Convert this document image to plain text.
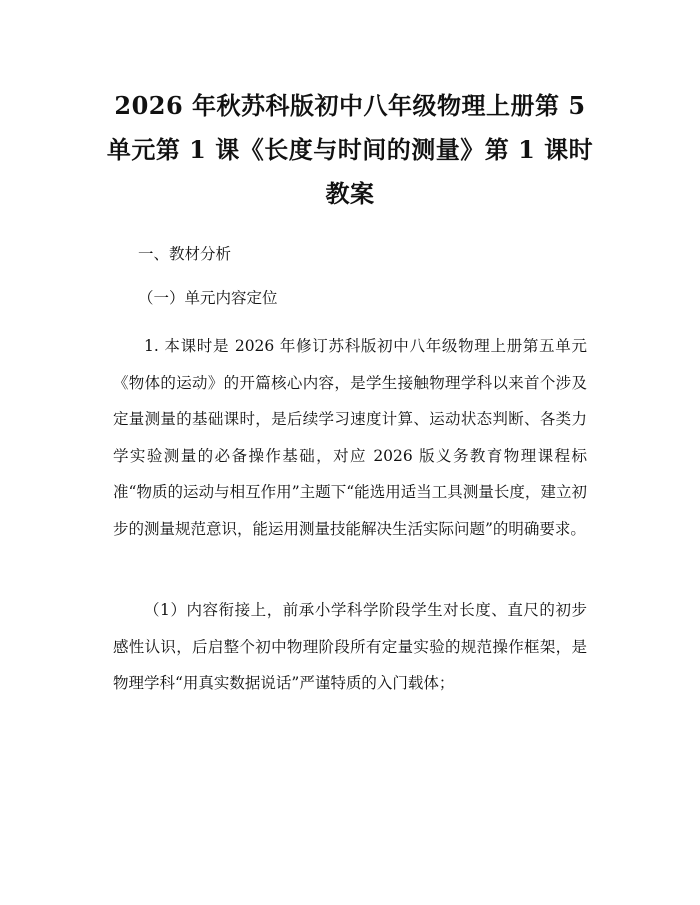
2026 年秋苏科版初中八年级物理上册第 5 单元第 1 课《长度与时间的测量》第 1 课时教案

一、教材分析

（一）单元内容定位

1. 本课时是 2026 年修订苏科版初中八年级物理上册第五单元《物体的运动》的开篇核心内容，是学生接触物理学科以来首个涉及定量测量的基础课时，是后续学习速度计算、运动状态判断、各类力学实验测量的必备操作基础，对应 2026 版义务教育物理课程标准“物质的运动与相互作用”主题下“能选用适当工具测量长度，建立初步的测量规范意识，能运用测量技能解决生活实际问题”的明确要求。

（1）内容衔接上，前承小学科学阶段学生对长度、直尺的初步感性认识，后启整个初中物理阶段所有定量实验的规范操作框架，是物理学科“用真实数据说话”严谨特质的入门载体；
